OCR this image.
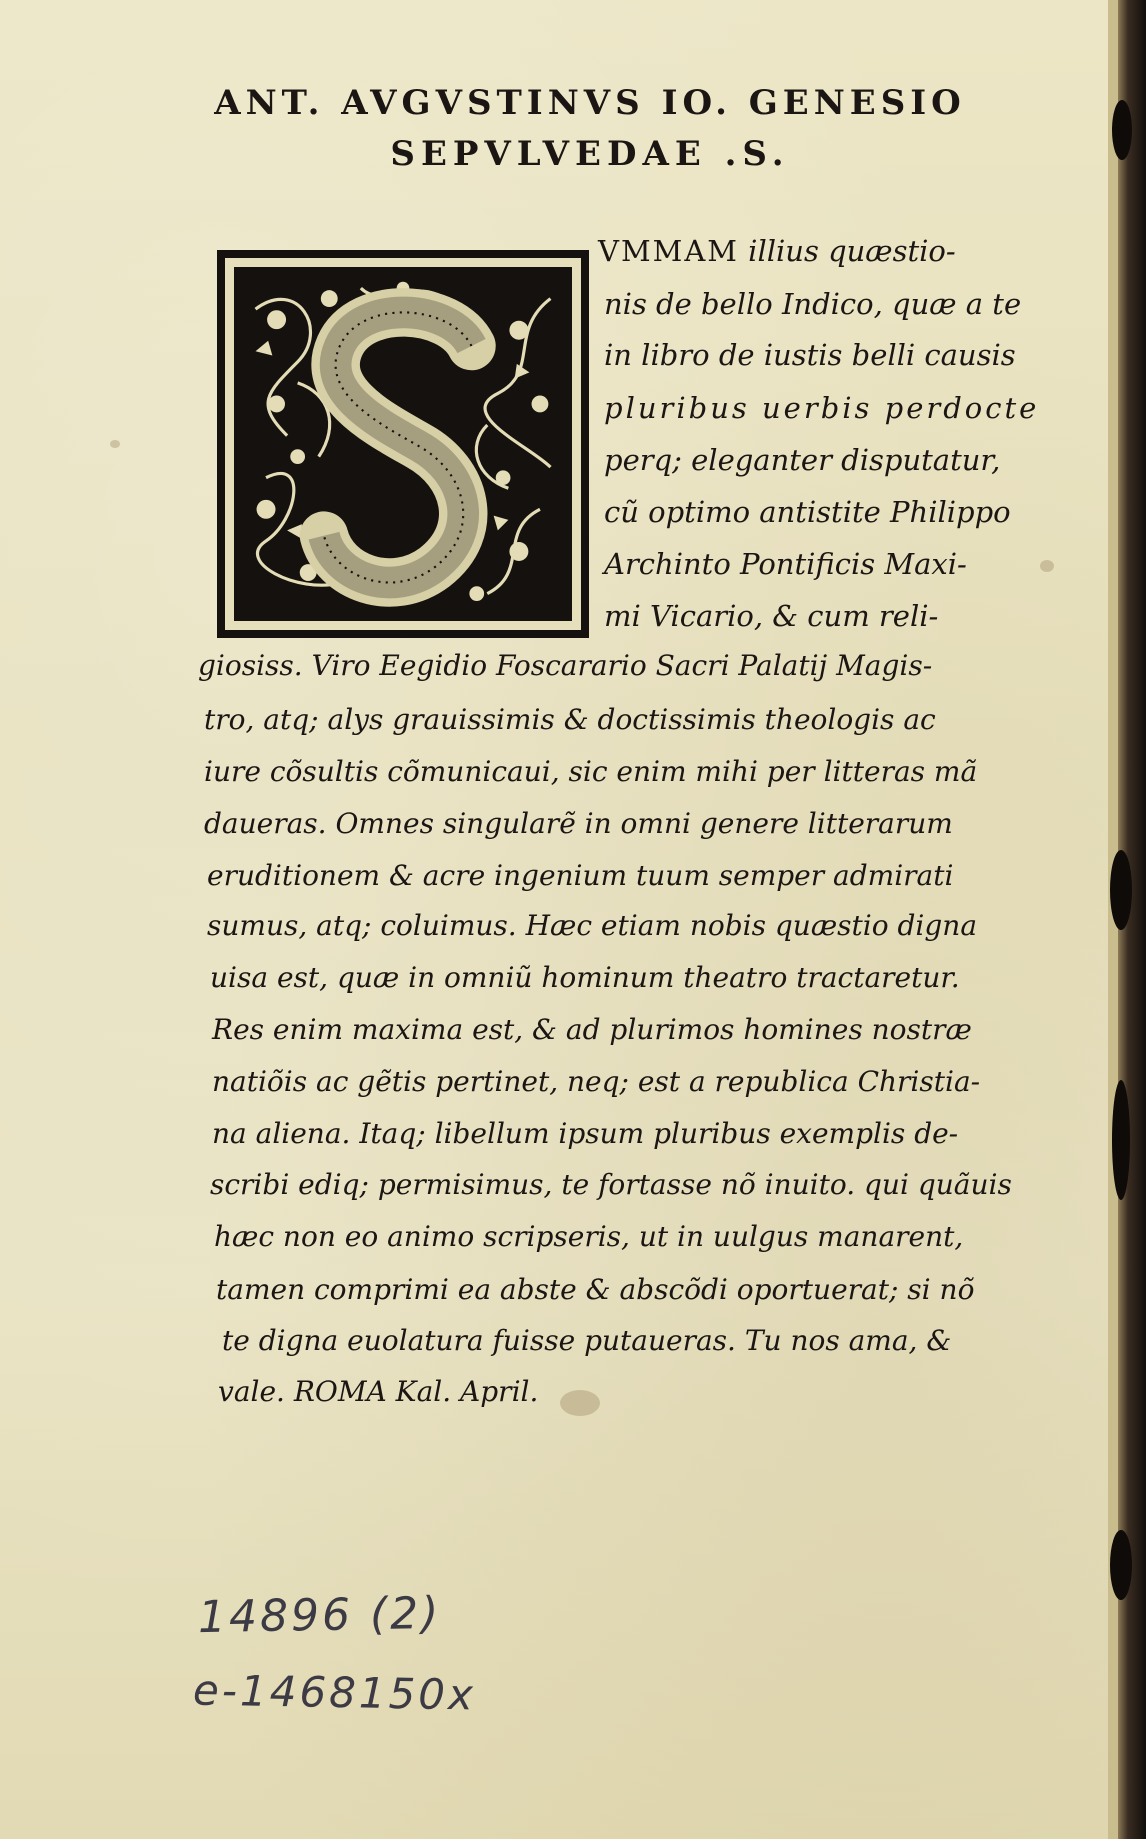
ANT. AVGVSTINVS IO. GENESIO
SEPVLVEDAE .S.
VMMAM illius quæstio-
nis de bello Indico, quæ a te
in libro de iustis belli causis
pluribus uerbis perdocte
perq; eleganter disputatur,
cũ optimo antistite Philippo
Archinto Pontificis Maxi-
mi Vicario, & cum reli-
giosiss. Viro Eegidio Foscarario Sacri Palatij Magis-
tro, atq; alys grauissimis & doctissimis theologis ac
iure cõsultis cõmunicaui, sic enim mihi per litteras mã
daueras. Omnes singularẽ in omni genere litterarum
eruditionem & acre ingenium tuum semper admirati
sumus, atq; coluimus. Hæc etiam nobis quæstio digna
uisa est, quæ in omniũ hominum theatro tractaretur.
Res enim maxima est, & ad plurimos homines nostræ
natiõis ac gẽtis pertinet, neq; est a republica Christia-
na aliena. Itaq; libellum ipsum pluribus exemplis de-
scribi ediq; permisimus, te fortasse nõ inuito. qui quãuis
hæc non eo animo scripseris, ut in uulgus manarent,
tamen comprimi ea abste & abscõdi oportuerat; si nõ
te digna euolatura fuisse putaueras. Tu nos ama, &
vale. ROMA Kal. April.
14896 (2)
e-1468150x
